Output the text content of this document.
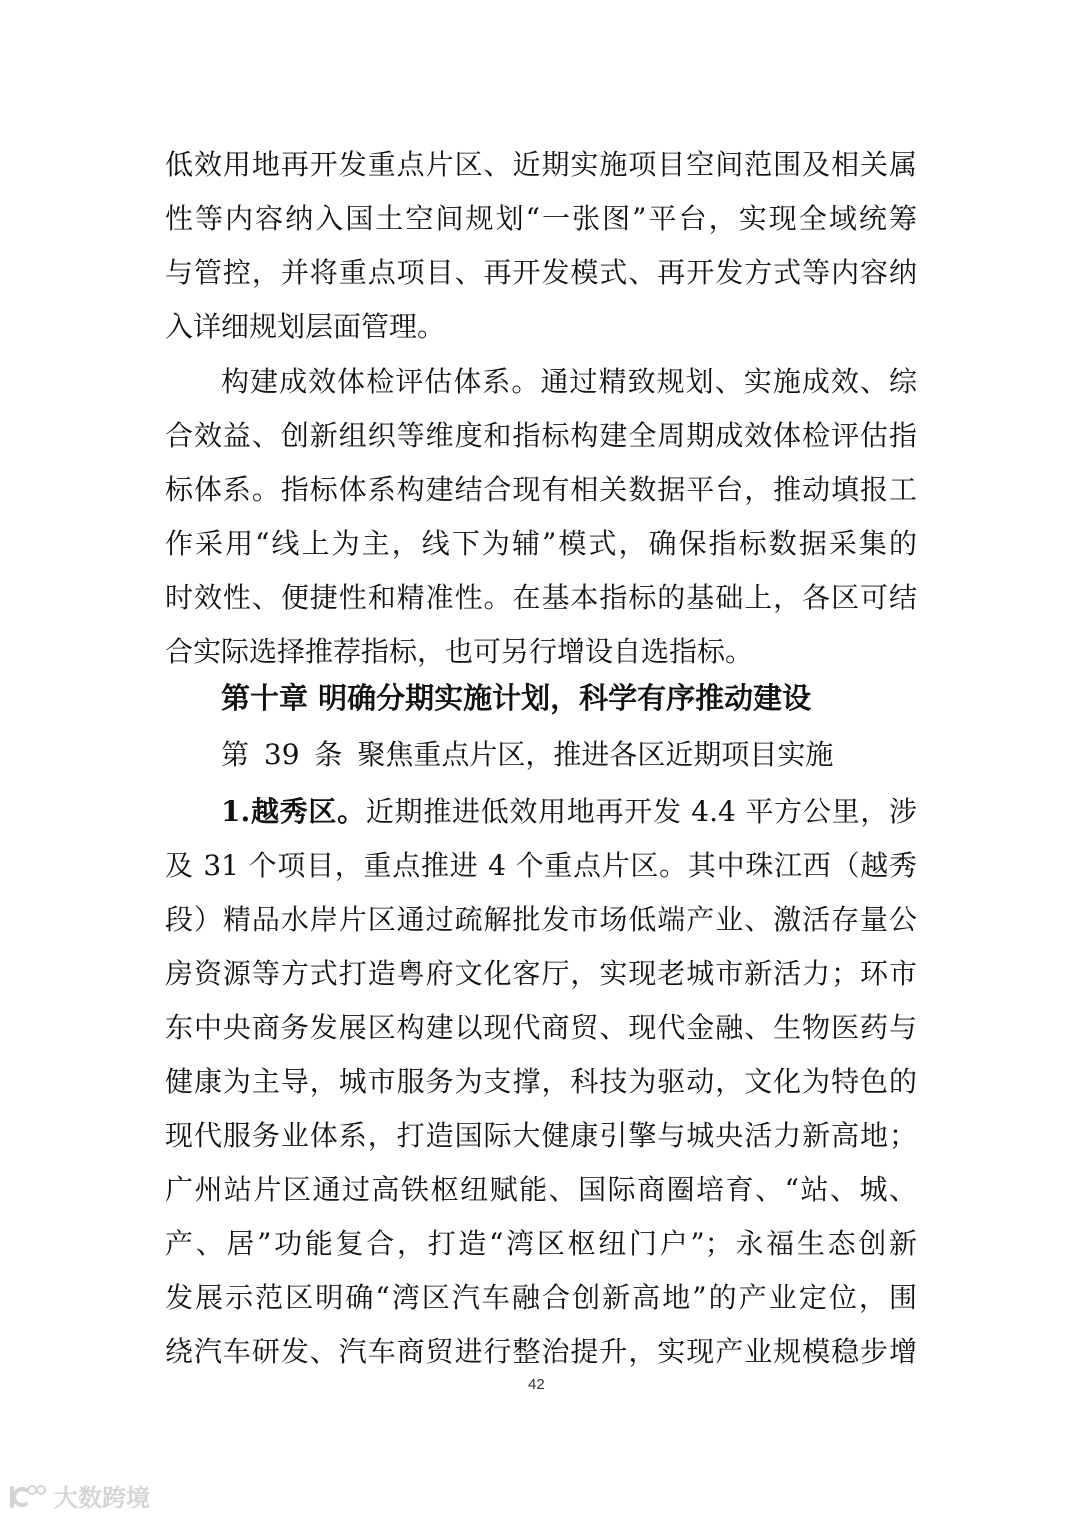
低效用地再开发重点片区、近期实施项目空间范围及相关属
性等内容纳入国土空间规划“一张图”平台，实现全域统筹
与管控，并将重点项目、再开发模式、再开发方式等内容纳
入详细规划层面管理。
构建成效体检评估体系。通过精致规划、实施成效、综
合效益、创新组织等维度和指标构建全周期成效体检评估指
标体系。指标体系构建结合现有相关数据平台，推动填报工
作采用“线上为主，线下为辅”模式，确保指标数据采集的
时效性、便捷性和精准性。在基本指标的基础上，各区可结
合实际选择推荐指标，也可另行增设自选指标。
第十章 明确分期实施计划，科学有序推动建设
第 39 条 聚焦重点片区，推进各区近期项目实施
1.越秀区。近期推进低效用地再开发 4.4 平方公里，涉
及 31 个项目，重点推进 4 个重点片区。其中珠江西（越秀
段）精品水岸片区通过疏解批发市场低端产业、激活存量公
房资源等方式打造粤府文化客厅，实现老城市新活力；环市
东中央商务发展区构建以现代商贸、现代金融、生物医药与
健康为主导，城市服务为支撑，科技为驱动，文化为特色的
现代服务业体系，打造国际大健康引擎与城央活力新高地；
广州站片区通过高铁枢纽赋能、国际商圈培育、“站、城、
产、居”功能复合，打造“湾区枢纽门户”；永福生态创新
发展示范区明确“湾区汽车融合创新高地”的产业定位，围
绕汽车研发、汽车商贸进行整治提升，实现产业规模稳步增
42
大数跨境
